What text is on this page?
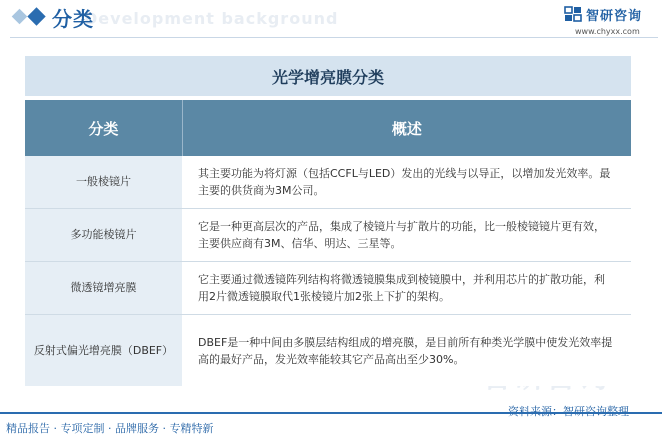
Development background
分类	智研咨询
www.chyxx.com
光学增亮膜分类
分类	概述
一般棱镜片
其主要功能为将灯源（包括CCFL与LED）发出的光线与以导正，以增加发光效率。最主要的供货商为3M公司。
多功能棱镜片
它是一种更高层次的产品，集成了棱镜片与扩散片的功能，比一般棱镜镜片更有效，主要供应商有3M、信华、明达、三星等。
微透镜增亮膜
它主要通过微透镜阵列结构将微透镜膜集成到棱镜膜中，并利用芯片的扩散功能，利用2片微透镜膜取代1张棱镜片加2张上下扩的架构。
反射式偏光增亮膜（DBEF）
DBEF是一种中间由多膜层结构组成的增亮膜，是目前所有种类光学膜中使发光效率提高的最好产品，发光效率能较其它产品高出至少30%。
精品报告 · 专项定制 · 品牌服务 · 专精特新
